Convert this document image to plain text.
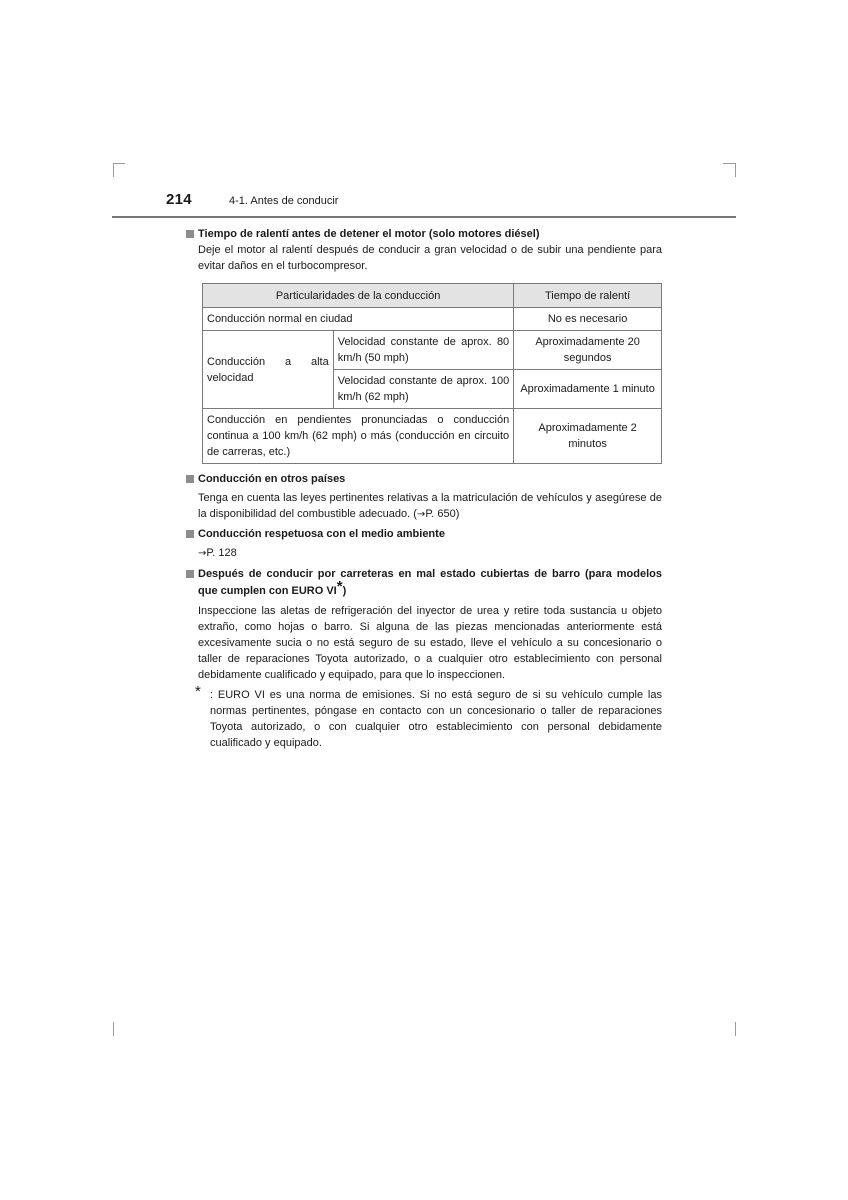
214	4-1. Antes de conducir
Tiempo de ralentí antes de detener el motor (solo motores diésel)
Deje el motor al ralentí después de conducir a gran velocidad o de subir una pendiente para evitar daños en el turbocompresor.
Particularidades de la conducción		Tiempo de ralentí
Conducción normal en ciudad		No es necesario
Conducción a alta velocidad	Velocidad constante de aprox. 80 km/h (50 mph)	Aproximadamente 20 segundos
	Velocidad constante de aprox. 100 km/h (62 mph)	Aproximadamente 1 minuto
Conducción en pendientes pronunciadas o conducción continua a 100 km/h (62 mph) o más (conducción en circuito de carreras, etc.)		Aproximadamente 2 minutos
Conducción en otros países
Tenga en cuenta las leyes pertinentes relativas a la matriculación de vehículos y asegúrese de la disponibilidad del combustible adecuado. (→P. 650)
Conducción respetuosa con el medio ambiente
→P. 128
Después de conducir por carreteras en mal estado cubiertas de barro (para modelos que cumplen con EURO VI*)
Inspeccione las aletas de refrigeración del inyector de urea y retire toda sustancia u objeto extraño, como hojas o barro. Si alguna de las piezas mencionadas anteriormente está excesivamente sucia o no está seguro de su estado, lleve el vehículo a su concesionario o taller de reparaciones Toyota autorizado, o a cualquier otro establecimiento con personal debidamente cualificado y equipado, para que lo inspeccionen.
* : EURO VI es una norma de emisiones. Si no está seguro de si su vehículo cumple las normas pertinentes, póngase en contacto con un concesionario o taller de reparaciones Toyota autorizado, o con cualquier otro establecimiento con personal debidamente cualificado y equipado.
